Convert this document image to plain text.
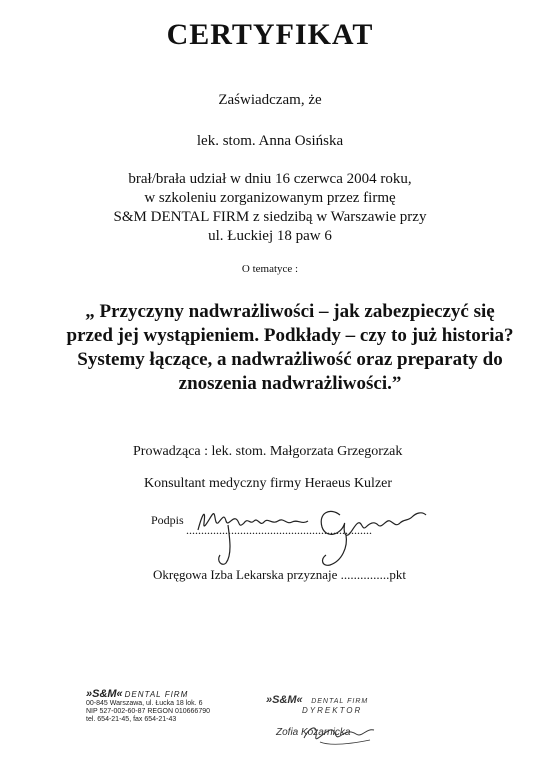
CERTYFIKAT
Zaświadczam, że
lek. stom. Anna Osińska
brał/brała udział w dniu 16 czerwca 2004 roku,
w szkoleniu zorganizowanym przez firmę
S&M DENTAL FIRM z siedzibą w Warszawie przy
ul. Łuckiej 18 paw 6
O tematyce :
„ Przyczyny nadwrażliwości – jak zabezpieczyć się
przed jej wystąpieniem. Podkłady – czy to już historia?
Systemy łączące, a nadwrażliwość oraz preparaty do
znoszenia nadwrażliwości.”
Prowadząca : lek. stom. Małgorzata Grzegorzak
Konsultant medyczny firmy Heraeus Kulzer
Podpis
..............................................................
Okręgowa Izba Lekarska przyznaje ...............pkt
»S&M« DENTAL FIRM
00-845 Warszawa, ul. Łucka 18 lok. 6
NIP 527-002-60-87 REGON 010666790
tel. 654-21-45, fax 654-21-43
»S&M« DENTAL FIRM
DYREKTOR
Zofia Kozarnicka
